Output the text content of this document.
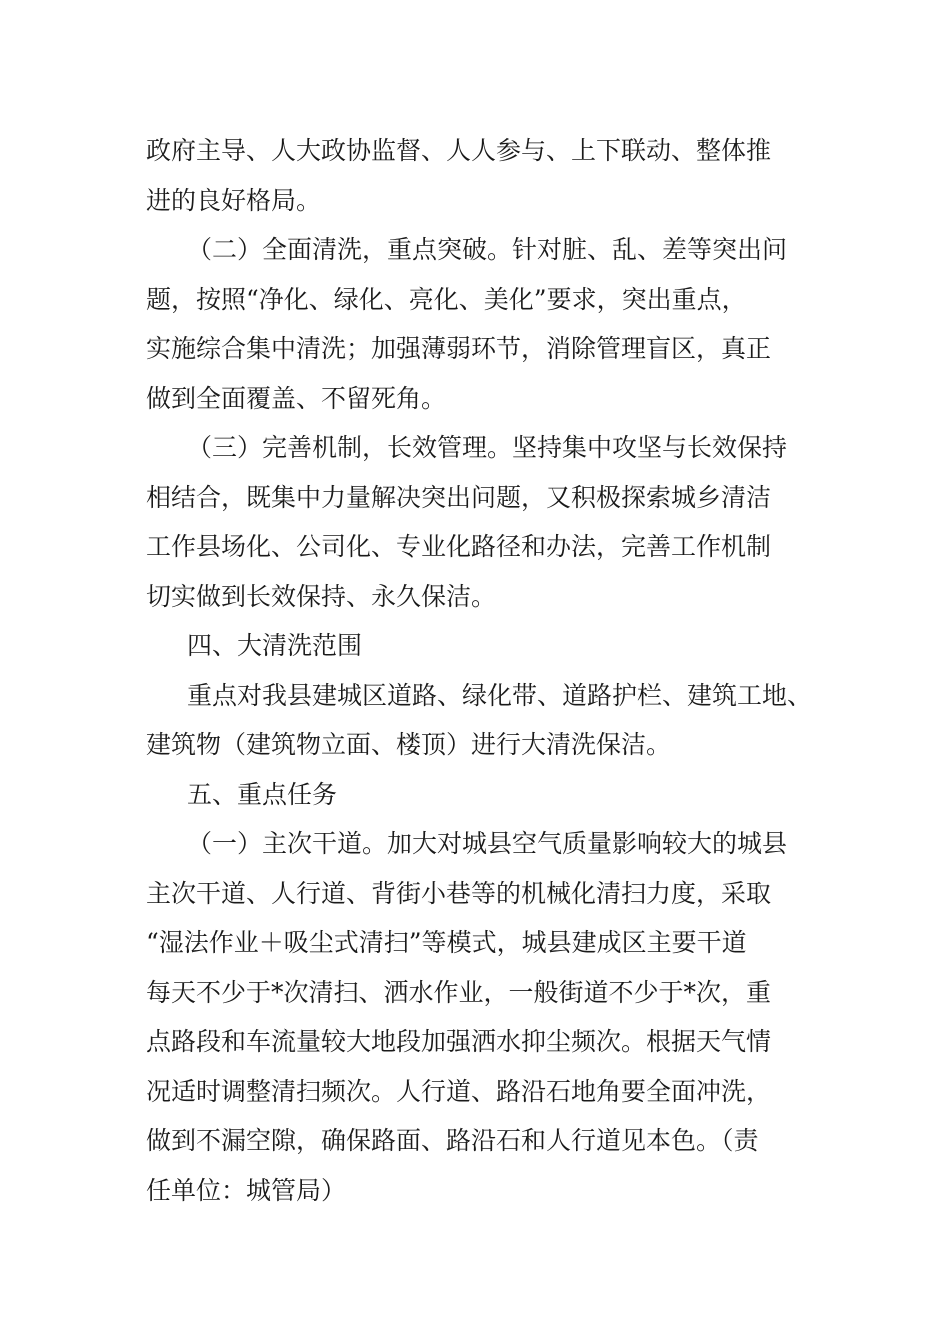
政府主导、人大政协监督、人人参与、上下联动、整体推
进的良好格局。
（二）全面清洗，重点突破。针对脏、乱、差等突出问
题，按照“净化、绿化、亮化、美化”要求，突出重点，
实施综合集中清洗；加强薄弱环节，消除管理盲区，真正
做到全面覆盖、不留死角。
（三）完善机制，长效管理。坚持集中攻坚与长效保持
相结合，既集中力量解决突出问题，又积极探索城乡清洁
工作县场化、公司化、专业化路径和办法，完善工作机制
切实做到长效保持、永久保洁。
四、大清洗范围
重点对我县建城区道路、绿化带、道路护栏、建筑工地、
建筑物（建筑物立面、楼顶）进行大清洗保洁。
五、重点任务
（一）主次干道。加大对城县空气质量影响较大的城县
主次干道、人行道、背街小巷等的机械化清扫力度，采取
“湿法作业＋吸尘式清扫”等模式，城县建成区主要干道
每天不少于*次清扫、洒水作业，一般街道不少于*次，重
点路段和车流量较大地段加强洒水抑尘频次。根据天气情
况适时调整清扫频次。人行道、路沿石地角要全面冲洗，
做到不漏空隙，确保路面、路沿石和人行道见本色。（责
任单位：城管局）
